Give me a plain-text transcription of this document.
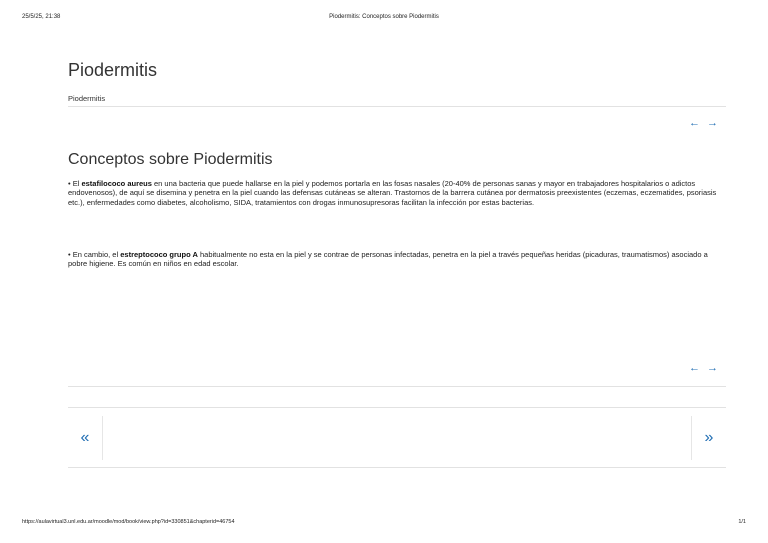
25/5/25, 21:38	Piodermitis: Conceptos sobre Piodermitis
Piodermitis
Piodermitis
← →
Conceptos sobre Piodermitis
• El estafilococo aureus en una bacteria que puede hallarse en la piel y podemos portarla en las fosas nasales (20-40% de personas sanas y mayor en trabajadores hospitalarios o adictos endovenosos), de aquí se disemina y penetra en la piel cuando las defensas cutáneas se alteran. Trastornos de la barrera cutánea por dermatosis preexistentes (eczemas, eczematides, psoriasis etc.), enfermedades como diabetes, alcoholismo, SIDA, tratamientos con drogas inmunosupresoras facilitan la infección por estas bacterias.
• En cambio, el estreptococo grupo A habitualmente no esta en la piel y se contrae de personas infectadas, penetra en la piel a través pequeñas heridas (picaduras, traumatismos) asociado a pobre higiene. Es común en niños en edad escolar.
← →
«	»
https://aulavirtual3.unl.edu.ar/moodle/mod/book/view.php?id=330851&chapterid=46754	1/1
